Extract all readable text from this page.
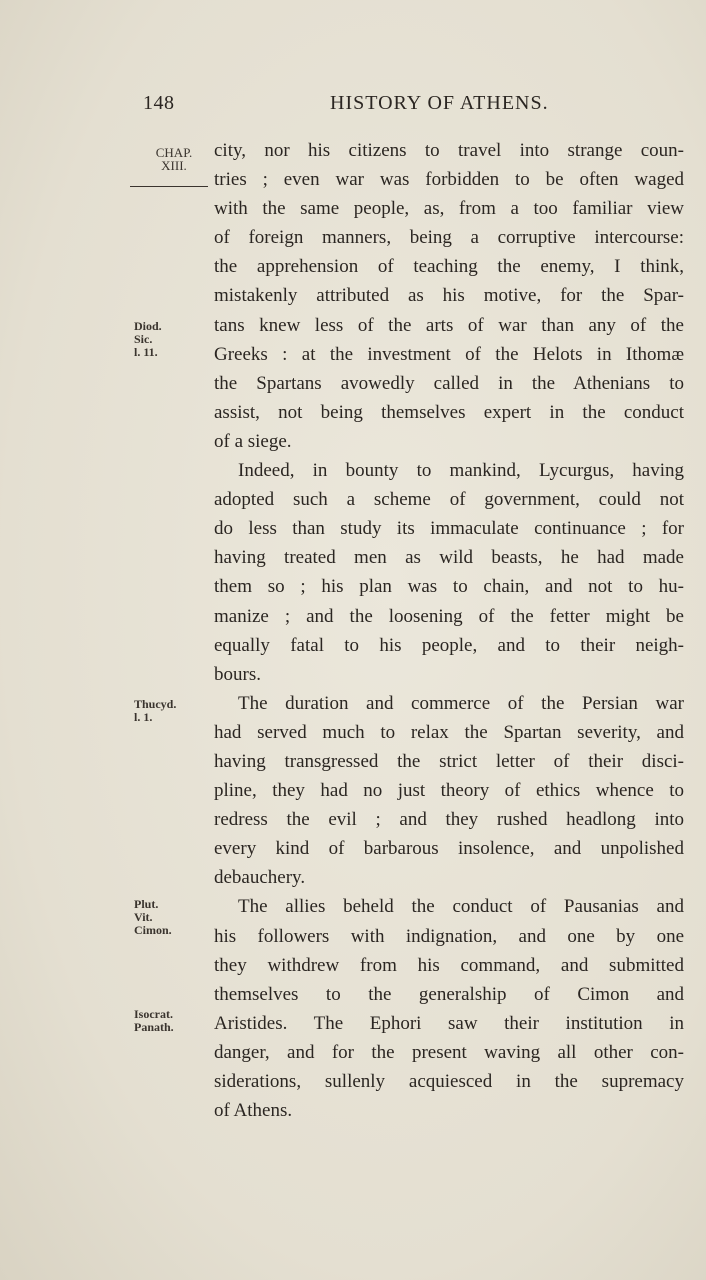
148	HISTORY OF ATHENS.
CHAP.
XIII.
Diod. Sic.
l. 11.
Thucyd.
l. 1.
Plut. Vit.
Cimon.
Isocrat.
Panath.
city, nor his citizens to travel into strange coun-
tries ; even war was forbidden to be often waged
with the same people, as, from a too familiar view
of foreign manners, being a corruptive intercourse:
the apprehension of teaching the enemy, I think,
mistakenly attributed as his motive, for the Spar-
tans knew less of the arts of war than any of the
Greeks : at the investment of the Helots in Ithomæ
the Spartans avowedly called in the Athenians to
assist, not being themselves expert in the conduct
of a siege.
Indeed, in bounty to mankind, Lycurgus, having
adopted such a scheme of government, could not
do less than study its immaculate continuance ; for
having treated men as wild beasts, he had made
them so ; his plan was to chain, and not to hu-
manize ; and the loosening of the fetter might be
equally fatal to his people, and to their neigh-
bours.
The duration and commerce of the Persian war
had served much to relax the Spartan severity, and
having transgressed the strict letter of their disci-
pline, they had no just theory of ethics whence to
redress the evil ; and they rushed headlong into
every kind of barbarous insolence, and unpolished
debauchery.
The allies beheld the conduct of Pausanias and
his followers with indignation, and one by one
they withdrew from his command, and submitted
themselves to the generalship of Cimon and
Aristides. The Ephori saw their institution in
danger, and for the present waving all other con-
siderations, sullenly acquiesced in the supremacy
of Athens.
